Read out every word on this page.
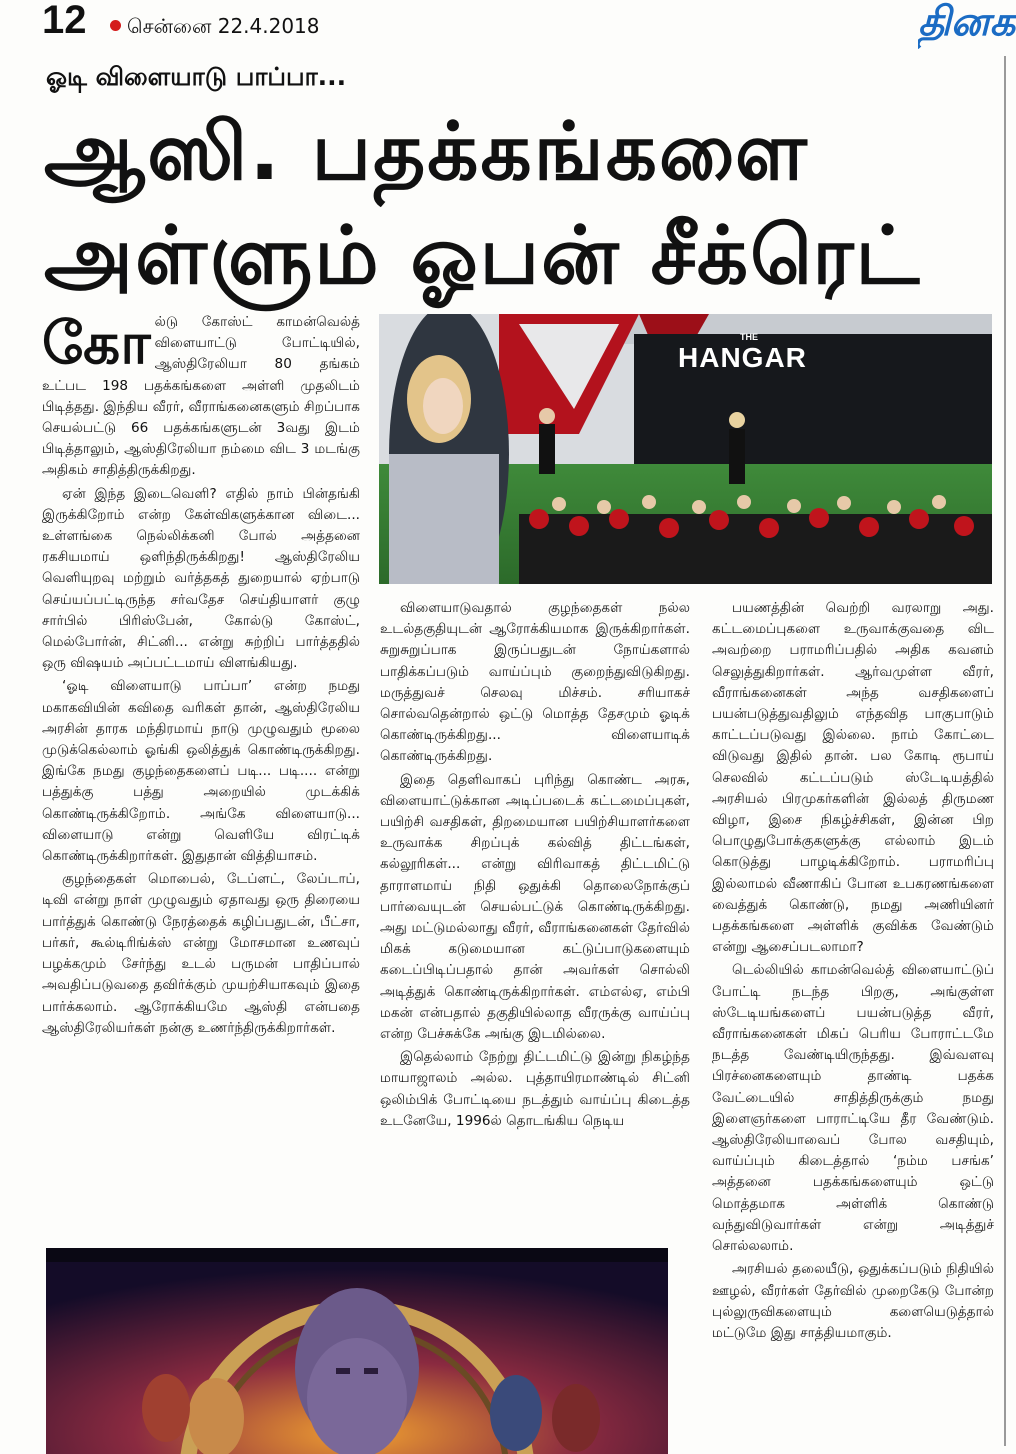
12 சென்னை 22.4.2018	தினக
ஓடி விளையாடு பாப்பா...
ஆஸி. பதக்கங்களை
அள்ளும் ஓபன் சீக்ரெட்

கோல்டு கோஸ்ட் காமன்வெல்த் விளையாட்டு போட்டியில், ஆஸ்திரேலியா 80 தங்கம் உட்பட 198 பதக்கங்களை அள்ளி முதலிடம் பிடித்தது. இந்திய வீரர், வீராங்கனைகளும் சிறப்பாக செயல்பட்டு 66 பதக்கங்களுடன் 3வது இடம் பிடித்தாலும், ஆஸ்திரேலியா நம்மை விட 3 மடங்கு அதிகம் சாதித்திருக்கிறது.

ஏன் இந்த இடைவெளி? எதில் நாம் பின்தங்கி இருக்கிறோம் என்ற கேள்விகளுக்கான விடை... உள்ளங்கை நெல்லிக்கனி போல் அத்தனை ரகசியமாய் ஒளிந்திருக்கிறது! ஆஸ்திரேலிய வெளியுறவு மற்றும் வர்த்தகத் துறையால் ஏற்பாடு செய்யப்பட்டிருந்த சர்வதேச செய்தியாளர் குழு சார்பில் பிரிஸ்பேன், கோல்டு கோஸ்ட், மெல்போர்ன், சிட்னி... என்று சுற்றிப் பார்த்ததில் ஒரு விஷயம் அப்பட்டமாய் விளங்கியது.

‘ஓடி விளையாடு பாப்பா’ என்ற நமது மகாகவியின் கவிதை வரிகள் தான், ஆஸ்திரேலிய அரசின் தாரக மந்திரமாய் நாடு முழுவதும் மூலை முடுக்கெல்லாம் ஓங்கி ஒலித்துக் கொண்டிருக்கிறது. இங்கே நமது குழந்தைகளைப் படி... படி.... என்று பத்துக்கு பத்து அறையில் முடக்கிக் கொண்டிருக்கிறோம். அங்கே விளையாடு... விளையாடு என்று வெளியே விரட்டிக் கொண்டிருக்கிறார்கள். இதுதான் வித்தியாசம்.

குழந்தைகள் மொபைல், டேப்ளட், லேப்டாப், டிவி என்று நாள் முழுவதும் ஏதாவது ஒரு திரையை பார்த்துக் கொண்டு நேரத்தைக் கழிப்பதுடன், பீட்சா, பர்கர், கூல்டிரிங்க்ஸ் என்று மோசமான உணவுப் பழக்கமும் சேர்ந்து உடல் பருமன் பாதிப்பால் அவதிப்படுவதை தவிர்க்கும் முயற்சியாகவும் இதை பார்க்கலாம். ஆரோக்கியமே ஆஸ்தி என்பதை ஆஸ்திரேலியர்கள் நன்கு உணர்ந்திருக்கிறார்கள்.

THE
HANGAR

விளையாடுவதால் குழந்தைகள் நல்ல உடல்தகுதியுடன் ஆரோக்கியமாக இருக்கிறார்கள். சுறுசுறுப்பாக இருப்பதுடன் நோய்களால் பாதிக்கப்படும் வாய்ப்பும் குறைந்துவிடுகிறது. மருத்துவச் செலவு மிச்சம். சரியாகச் சொல்வதென்றால் ஒட்டு மொத்த தேசமும் ஓடிக் கொண்டிருக்கிறது... விளையாடிக் கொண்டிருக்கிறது.

இதை தெளிவாகப் புரிந்து கொண்ட அரசு, விளையாட்டுக்கான அடிப்படைக் கட்டமைப்புகள், பயிற்சி வசதிகள், திறமையான பயிற்சியாளர்களை உருவாக்க சிறப்புக் கல்வித் திட்டங்கள், கல்லூரிகள்... என்று விரிவாகத் திட்டமிட்டு தாராளமாய் நிதி ஒதுக்கி தொலைநோக்குப் பார்வையுடன் செயல்பட்டுக் கொண்டிருக்கிறது. அது மட்டுமல்லாது வீரர், வீராங்கனைகள் தேர்வில் மிகக் கடுமையான கட்டுப்பாடுகளையும் கடைப்பிடிப்பதால் தான் அவர்கள் சொல்லி அடித்துக் கொண்டிருக்கிறார்கள். எம்எல்ஏ, எம்பி மகன் என்பதால் தகுதியில்லாத வீரருக்கு வாய்ப்பு என்ற பேச்சுக்கே அங்கு இடமில்லை.

இதெல்லாம் நேற்று திட்டமிட்டு இன்று நிகழ்ந்த மாயாஜாலம் அல்ல. புத்தாயிரமாண்டில் சிட்னி ஒலிம்பிக் போட்டியை நடத்தும் வாய்ப்பு கிடைத்த உடனேயே, 1996ல் தொடங்கிய நெடிய

பயணத்தின் வெற்றி வரலாறு அது. கட்டமைப்புகளை உருவாக்குவதை விட அவற்றை பராமரிப்பதில் அதிக கவனம் செலுத்துகிறார்கள். ஆர்வமுள்ள வீரர், வீராங்கனைகள் அந்த வசதிகளைப் பயன்படுத்துவதிலும் எந்தவித பாகுபாடும் காட்டப்படுவது இல்லை. நாம் கோட்டை விடுவது இதில் தான். பல கோடி ரூபாய் செலவில் கட்டப்படும் ஸ்டேடியத்தில் அரசியல் பிரமுகர்களின் இல்லத் திருமண விழா, இசை நிகழ்ச்சிகள், இன்ன பிற பொழுதுபோக்குகளுக்கு எல்லாம் இடம் கொடுத்து பாழடிக்கிறோம். பராமரிப்பு இல்லாமல் வீணாகிப் போன உபகரணங்களை வைத்துக் கொண்டு, நமது அணியினர் பதக்கங்களை அள்ளிக் குவிக்க வேண்டும் என்று ஆசைப்படலாமா?

டெல்லியில் காமன்வெல்த் விளையாட்டுப் போட்டி நடந்த பிறகு, அங்குள்ள ஸ்டேடியங்களைப் பயன்படுத்த வீரர், வீராங்கனைகள் மிகப் பெரிய போராட்டமே நடத்த வேண்டியிருந்தது. இவ்வளவு பிரச்னைகளையும் தாண்டி பதக்க வேட்டையில் சாதித்திருக்கும் நமது இளைஞர்களை பாராட்டியே தீர வேண்டும். ஆஸ்திரேலியாவைப் போல வசதியும், வாய்ப்பும் கிடைத்தால் ‘நம்ம பசங்க’ அத்தனை பதக்கங்களையும் ஒட்டு மொத்தமாக அள்ளிக் கொண்டு வந்துவிடுவார்கள் என்று அடித்துச் சொல்லலாம்.

அரசியல் தலையீடு, ஒதுக்கப்படும் நிதியில் ஊழல், வீரர்கள் தேர்வில் முறைகேடு போன்ற புல்லுருவிகளையும் களையெடுத்தால் மட்டுமே இது சாத்தியமாகும்.
